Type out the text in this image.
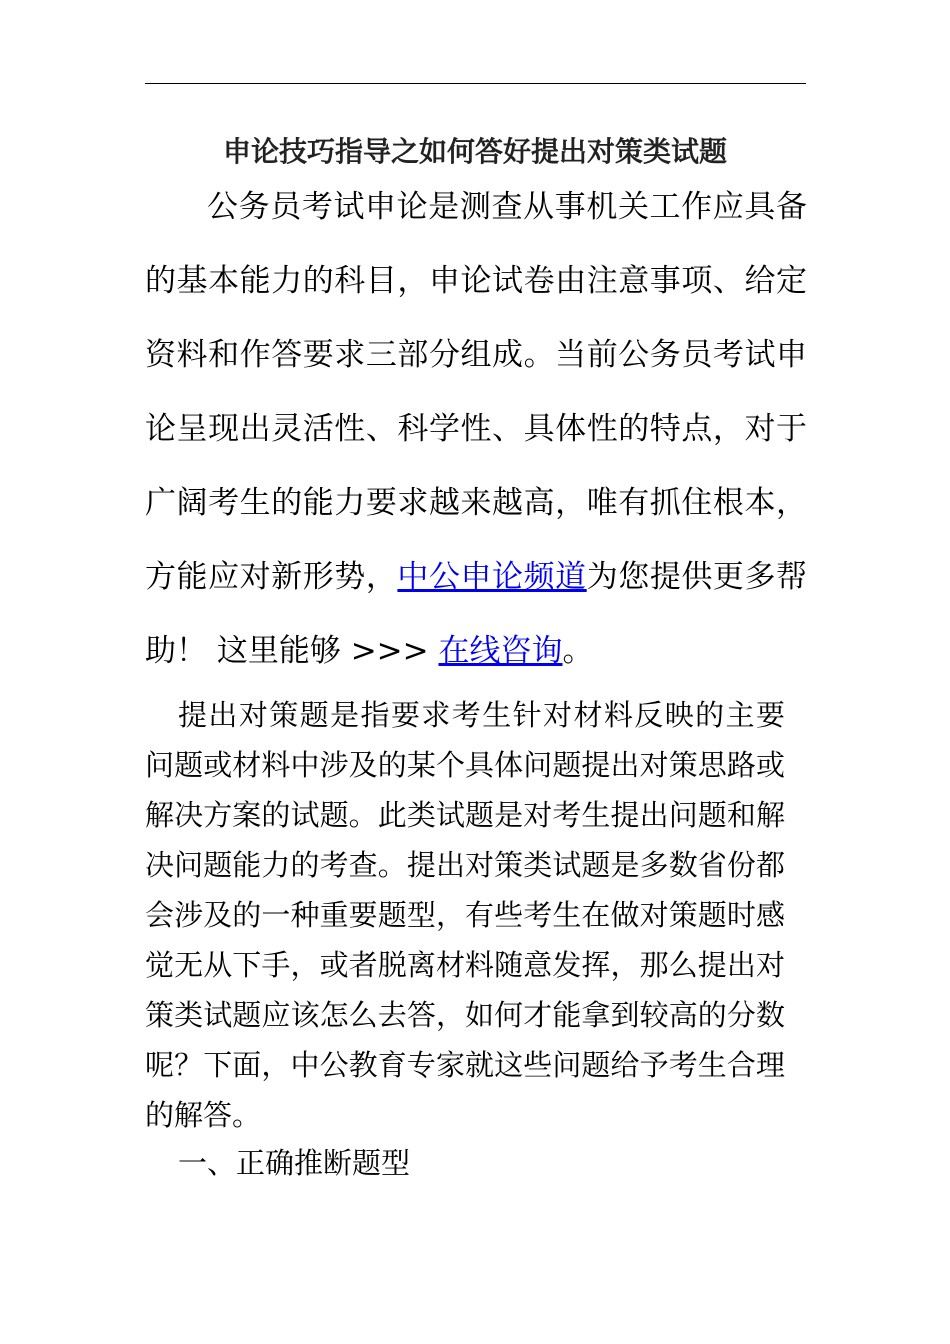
申论技巧指导之如何答好提出对策类试题
公务员考试申论是测查从事机关工作应具备的基本能力的科目，申论试卷由注意事项、给定资料和作答要求三部分组成。当前公务员考试申论呈现出灵活性、科学性、具体性的特点，对于广阔考生的能力要求越来越高，唯有抓住根本，方能应对新形势，中公申论频道为您提供更多帮助！ 这里能够 >>> 在线咨询。
提出对策题是指要求考生针对材料反映的主要问题或材料中涉及的某个具体问题提出对策思路或解决方案的试题。此类试题是对考生提出问题和解决问题能力的考查。提出对策类试题是多数省份都会涉及的一种重要题型，有些考生在做对策题时感觉无从下手，或者脱离材料随意发挥，那么提出对策类试题应该怎么去答，如何才能拿到较高的分数呢？下面，中公教育专家就这些问题给予考生合理的解答。
一、正确推断题型
